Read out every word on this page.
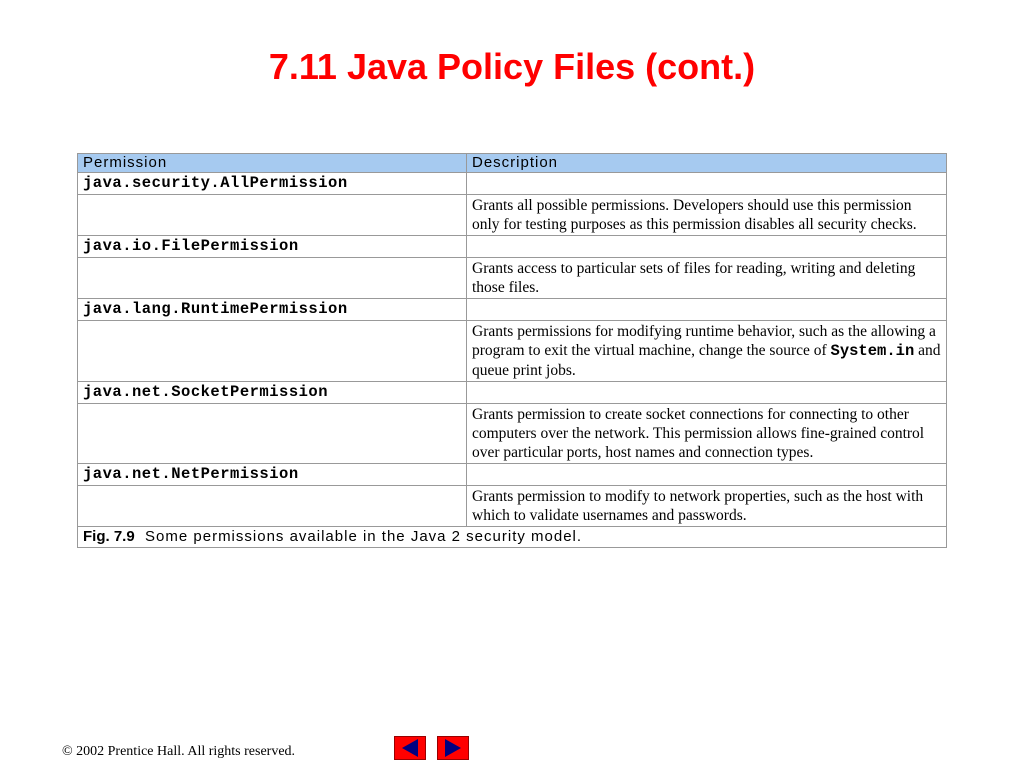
7.11 Java Policy Files (cont.)
Permission	Description
java.security.AllPermission	
	Grants all possible permissions. Developers should use this permission only for testing purposes as this permission disables all security checks.
java.io.FilePermission	
	Grants access to particular sets of files for reading, writing and deleting those files.
java.lang.RuntimePermission	
	Grants permissions for modifying runtime behavior, such as the allowing a program to exit the virtual machine, change the source of System.in and queue print jobs.
java.net.SocketPermission	
	Grants permission to create socket connections for connecting to other computers over the network. This permission allows fine-grained control over particular ports, host names and connection types.
java.net.NetPermission	
	Grants permission to modify to network properties, such as the host with which to validate usernames and passwords.
Fig. 7.9 Some permissions available in the Java 2 security model.	
© 2002 Prentice Hall. All rights reserved.
